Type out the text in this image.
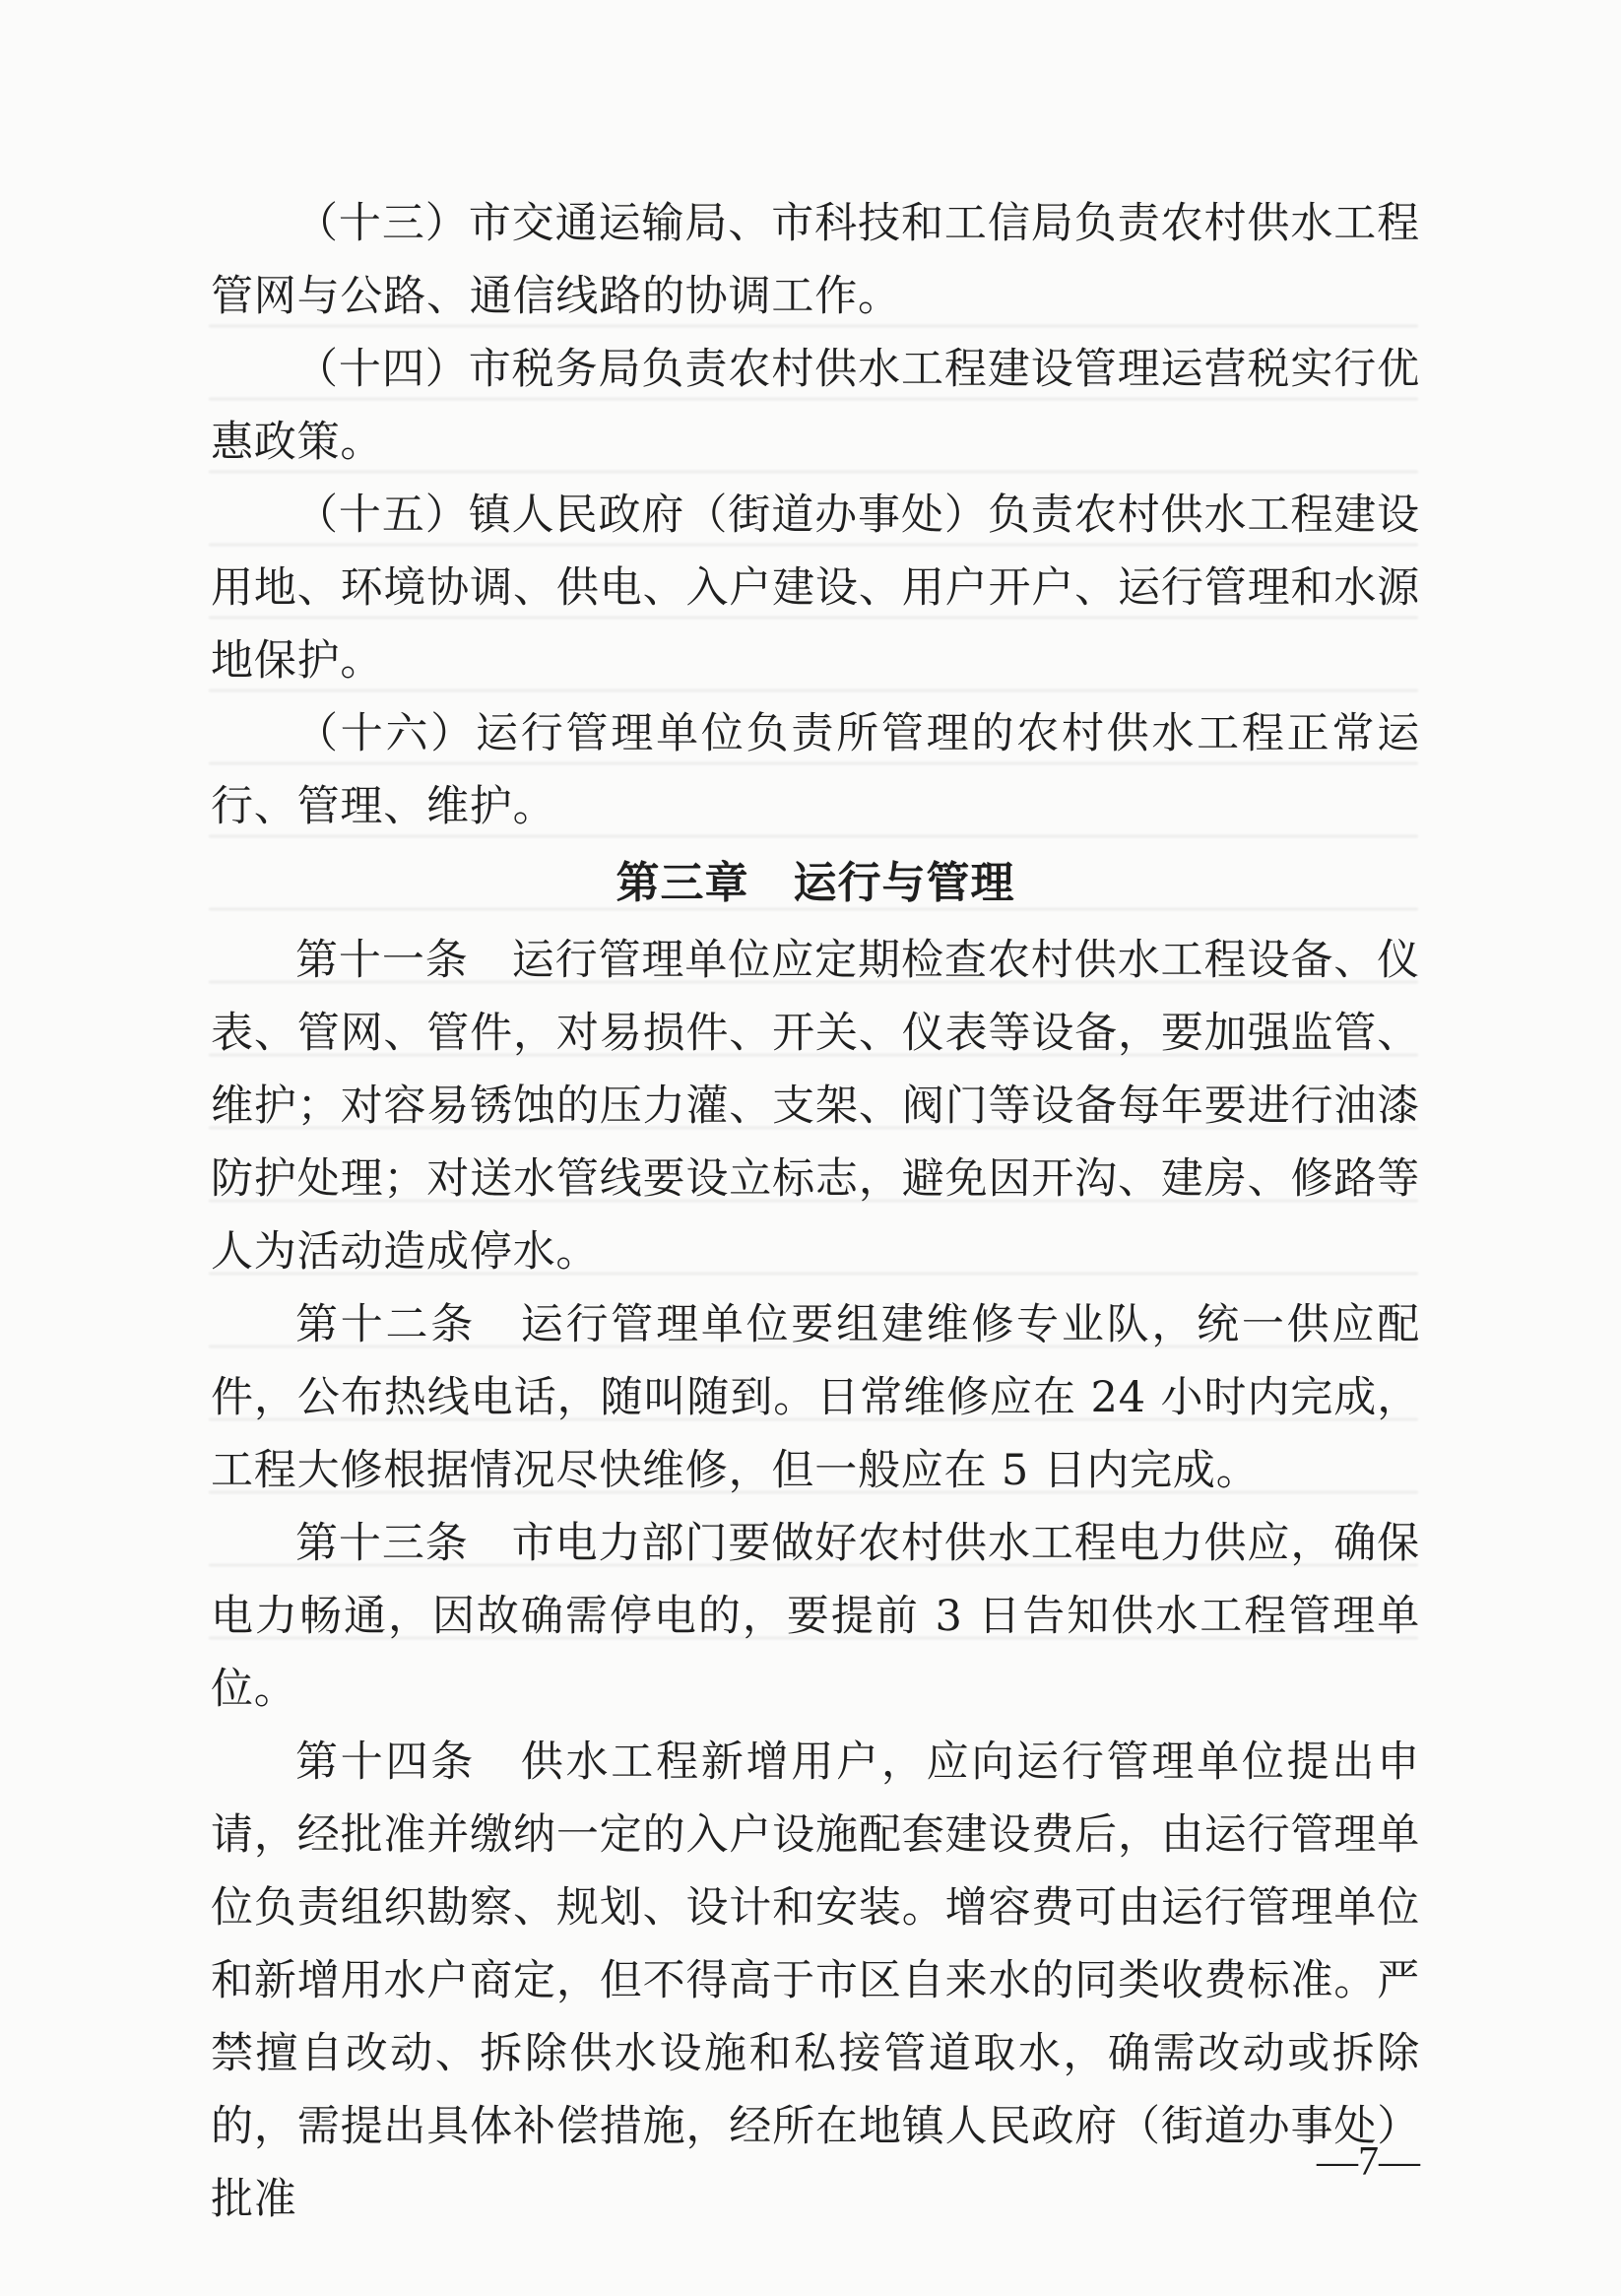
（十三）市交通运输局、市科技和工信局负责农村供水工程管网与公路、通信线路的协调工作。

（十四）市税务局负责农村供水工程建设管理运营税实行优惠政策。

（十五）镇人民政府（街道办事处）负责农村供水工程建设用地、环境协调、供电、入户建设、用户开户、运行管理和水源地保护。

（十六）运行管理单位负责所管理的农村供水工程正常运行、管理、维护。

第三章　运行与管理

第十一条　运行管理单位应定期检查农村供水工程设备、仪表、管网、管件，对易损件、开关、仪表等设备，要加强监管、维护；对容易锈蚀的压力灌、支架、阀门等设备每年要进行油漆防护处理；对送水管线要设立标志，避免因开沟、建房、修路等人为活动造成停水。

第十二条　运行管理单位要组建维修专业队，统一供应配件，公布热线电话，随叫随到。日常维修应在 24 小时内完成，工程大修根据情况尽快维修，但一般应在 5 日内完成。

第十三条　市电力部门要做好农村供水工程电力供应，确保电力畅通，因故确需停电的，要提前 3 日告知供水工程管理单位。

第十四条　供水工程新增用户，应向运行管理单位提出申请，经批准并缴纳一定的入户设施配套建设费后，由运行管理单位负责组织勘察、规划、设计和安装。增容费可由运行管理单位和新增用水户商定，但不得高于市区自来水的同类收费标准。严禁擅自改动、拆除供水设施和私接管道取水，确需改动或拆除的，需提出具体补偿措施，经所在地镇人民政府（街道办事处）批准

—7—
